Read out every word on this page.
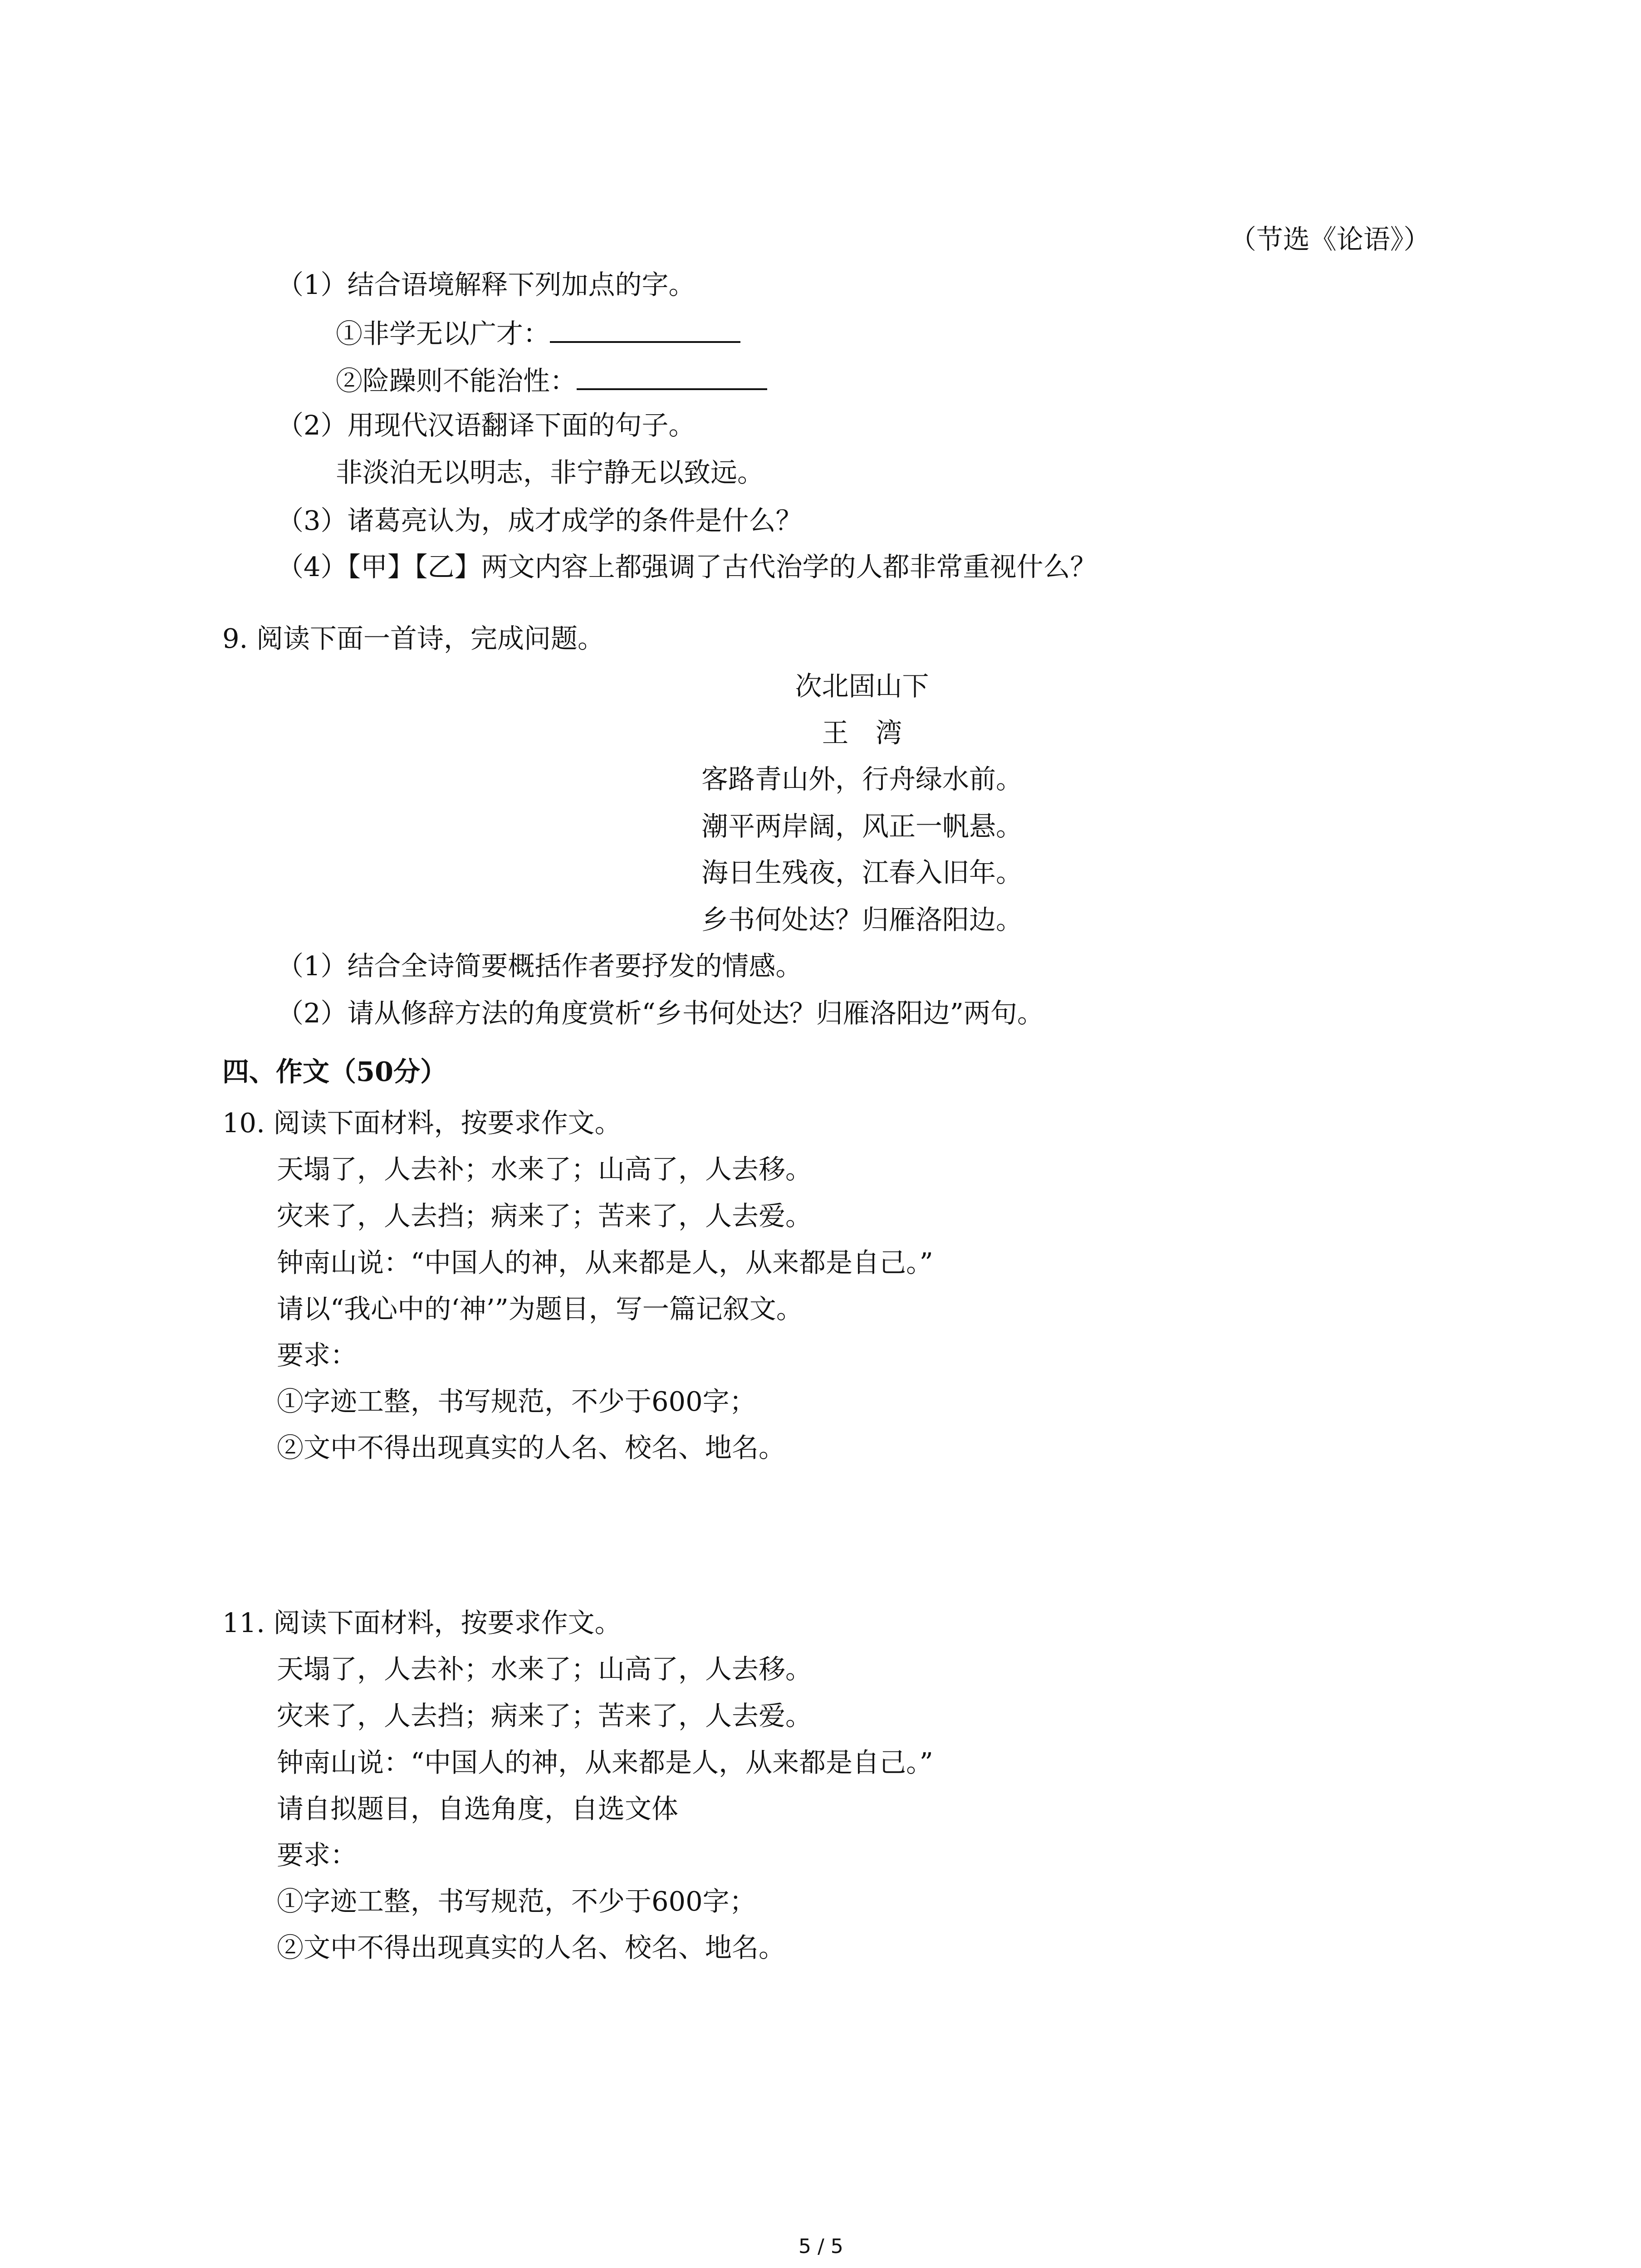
（节选《论语》）
（1）结合语境解释下列加点的字。
①非学无以广才：
②险躁则不能治性：
（2）用现代汉语翻译下面的句子。
非淡泊无以明志，非宁静无以致远。
（3）诸葛亮认为，成才成学的条件是什么？
（4）【甲】【乙】两文内容上都强调了古代治学的人都非常重视什么？
9. 阅读下面一首诗，完成问题。
次北固山下
王　湾
客路青山外，行舟绿水前。
潮平两岸阔，风正一帆悬。
海日生残夜，江春入旧年。
乡书何处达？归雁洛阳边。
（1）结合全诗简要概括作者要抒发的情感。
（2）请从修辞方法的角度赏析“乡书何处达？归雁洛阳边”两句。
四、作文（50分）
10. 阅读下面材料，按要求作文。
天塌了，人去补；水来了；山高了，人去移。
灾来了，人去挡；病来了；苦来了，人去爱。
钟南山说：“中国人的神，从来都是人，从来都是自己。”
请以“我心中的‘神’”为题目，写一篇记叙文。
要求：
①字迹工整，书写规范，不少于600字；
②文中不得出现真实的人名、校名、地名。
11. 阅读下面材料，按要求作文。
天塌了，人去补；水来了；山高了，人去移。
灾来了，人去挡；病来了；苦来了，人去爱。
钟南山说：“中国人的神，从来都是人，从来都是自己。”
请自拟题目，自选角度，自选文体
要求：
①字迹工整，书写规范，不少于600字；
②文中不得出现真实的人名、校名、地名。
5 / 5
